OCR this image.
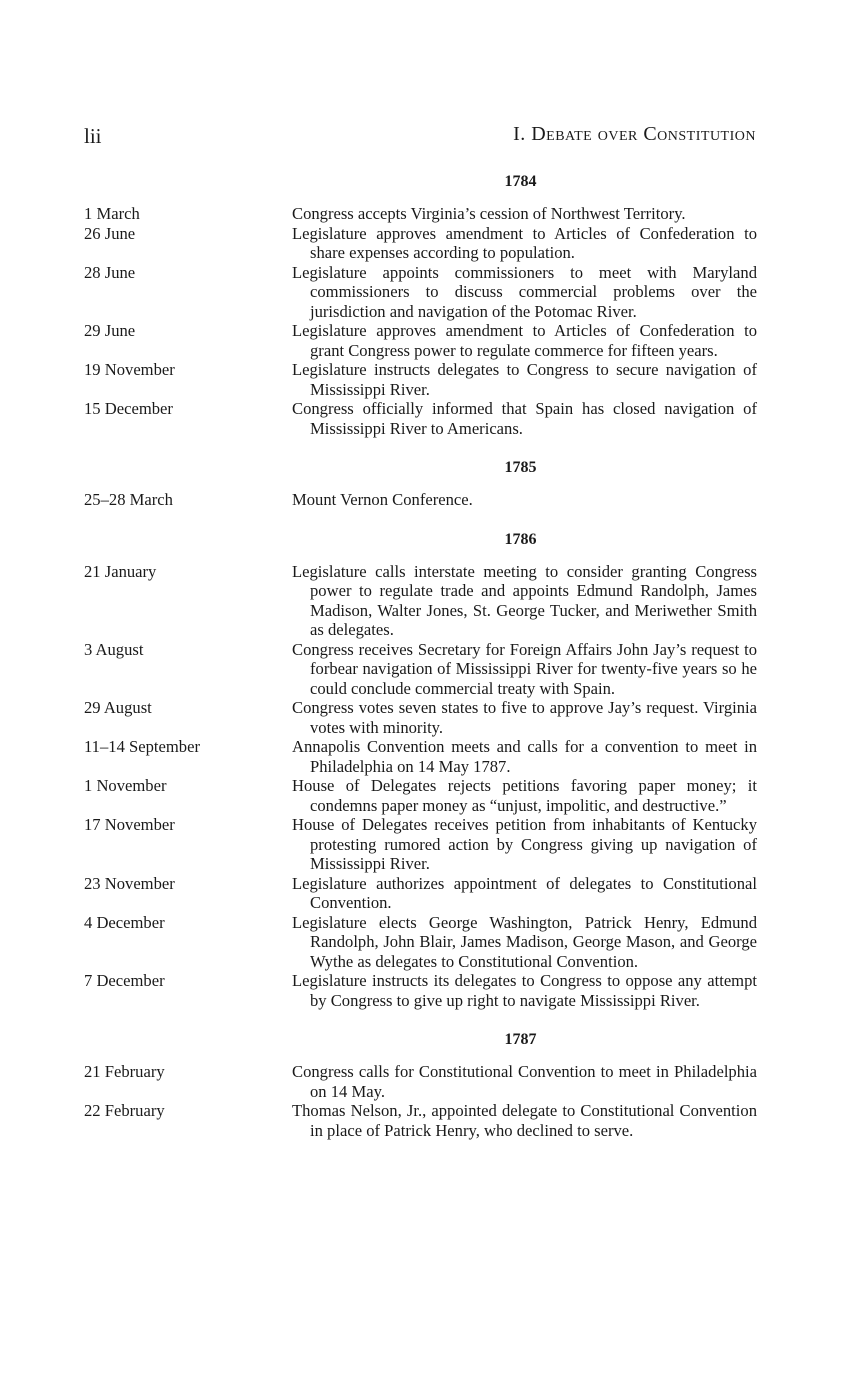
lii	I. Debate over Constitution
1784
1 March	Congress accepts Virginia’s cession of Northwest Territory.
26 June	Legislature approves amendment to Articles of Confederation to share expenses according to population.
28 June	Legislature appoints commissioners to meet with Maryland commissioners to discuss commercial problems over the jurisdiction and navigation of the Potomac River.
29 June	Legislature approves amendment to Articles of Confederation to grant Congress power to regulate commerce for fifteen years.
19 November	Legislature instructs delegates to Congress to secure navigation of Mississippi River.
15 December	Congress officially informed that Spain has closed navigation of Mississippi River to Americans.
1785
25–28 March	Mount Vernon Conference.
1786
21 January	Legislature calls interstate meeting to consider granting Congress power to regulate trade and appoints Edmund Randolph, James Madison, Walter Jones, St. George Tucker, and Meriwether Smith as delegates.
3 August	Congress receives Secretary for Foreign Affairs John Jay’s request to forbear navigation of Mississippi River for twenty-five years so he could conclude commercial treaty with Spain.
29 August	Congress votes seven states to five to approve Jay’s request. Virginia votes with minority.
11–14 September	Annapolis Convention meets and calls for a convention to meet in Philadelphia on 14 May 1787.
1 November	House of Delegates rejects petitions favoring paper money; it condemns paper money as “unjust, impolitic, and destructive.”
17 November	House of Delegates receives petition from inhabitants of Kentucky protesting rumored action by Congress giving up navigation of Mississippi River.
23 November	Legislature authorizes appointment of delegates to Constitutional Convention.
4 December	Legislature elects George Washington, Patrick Henry, Edmund Randolph, John Blair, James Madison, George Mason, and George Wythe as delegates to Constitutional Convention.
7 December	Legislature instructs its delegates to Congress to oppose any attempt by Congress to give up right to navigate Mississippi River.
1787
21 February	Congress calls for Constitutional Convention to meet in Philadelphia on 14 May.
22 February	Thomas Nelson, Jr., appointed delegate to Constitutional Convention in place of Patrick Henry, who declined to serve.
